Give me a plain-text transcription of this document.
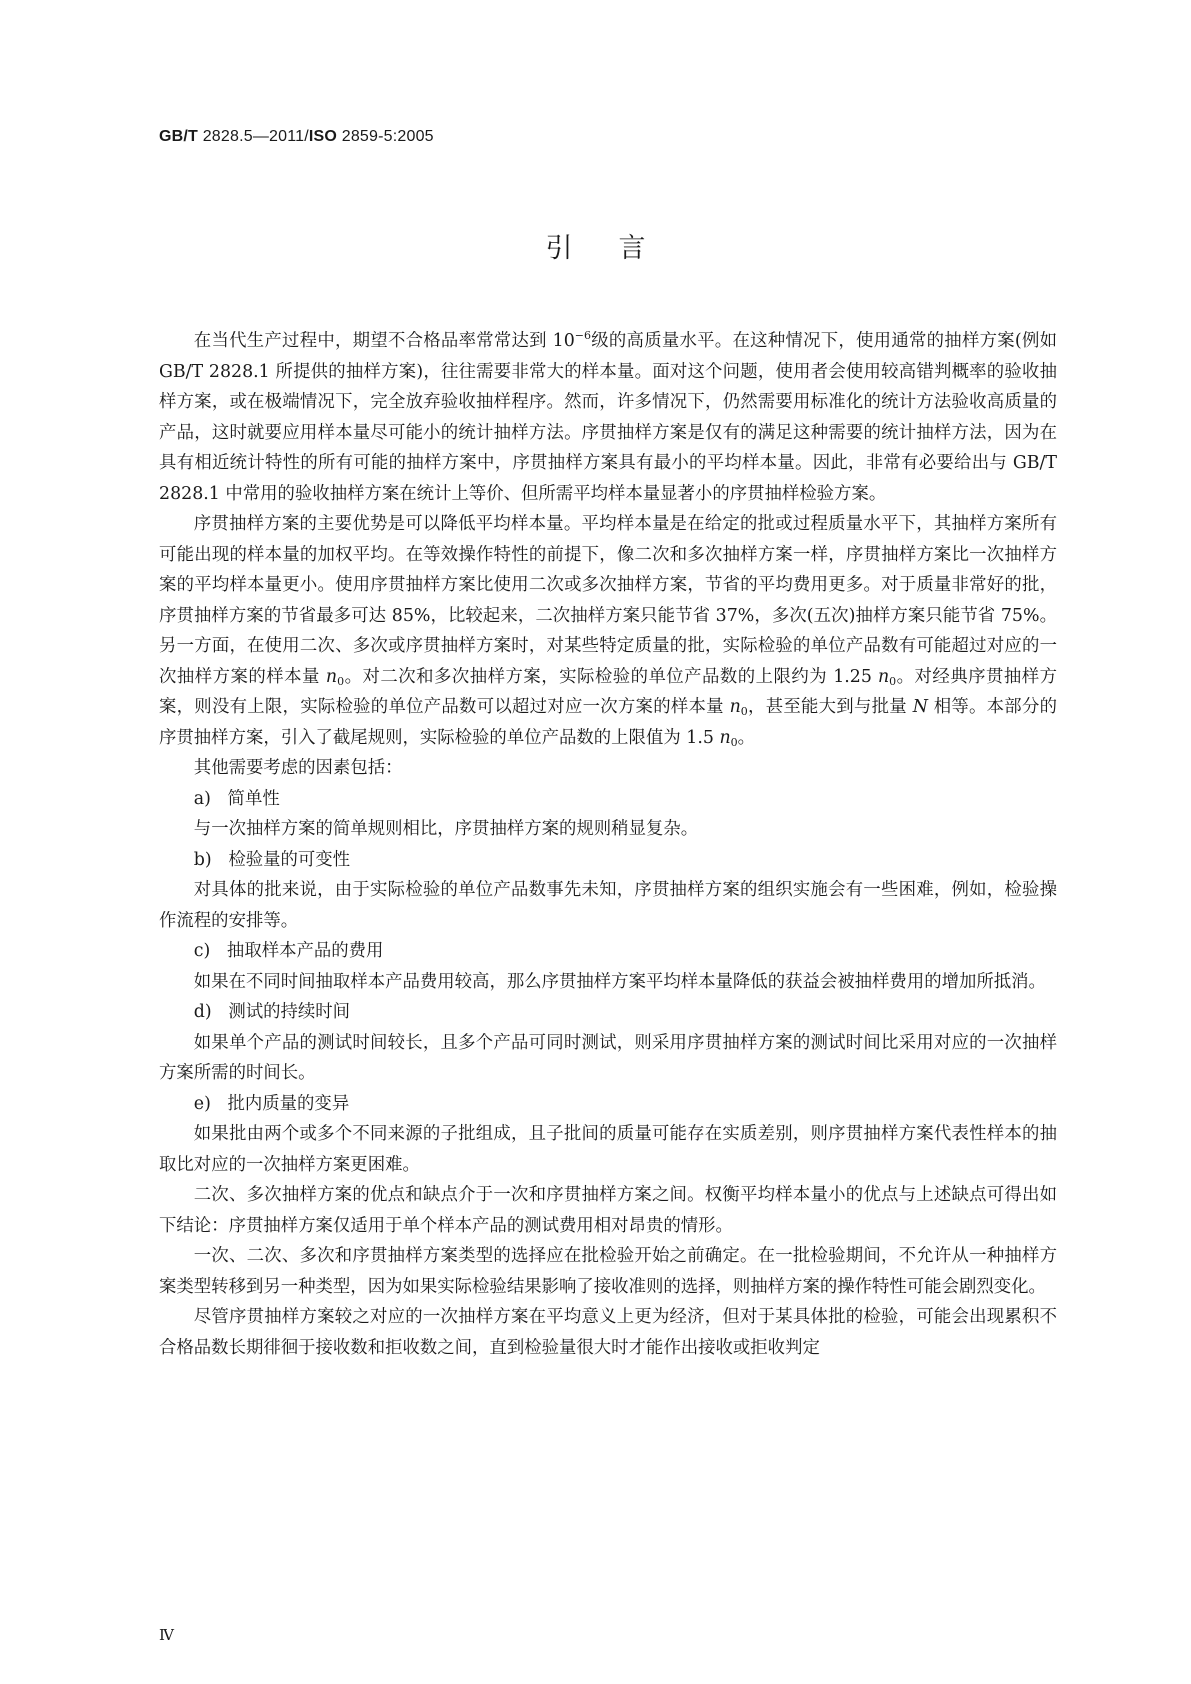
GB/T 2828.5—2011/ISO 2859-5:2005
引言

在当代生产过程中，期望不合格品率常常达到 $10^{-6}$级的高质量水平。在这种情况下，使用通常的抽样方案(例如 GB/T 2828.1 所提供的抽样方案)，往往需要非常大的样本量。面对这个问题，使用者会使用较高错判概率的验收抽样方案，或在极端情况下，完全放弃验收抽样程序。然而，许多情况下，仍然需要用标准化的统计方法验收高质量的产品，这时就要应用样本量尽可能小的统计抽样方法。序贯抽样方案是仅有的满足这种需要的统计抽样方法，因为在具有相近统计特性的所有可能的抽样方案中，序贯抽样方案具有最小的平均样本量。因此，非常有必要给出与 GB/T 2828.1 中常用的验收抽样方案在统计上等价、但所需平均样本量显著小的序贯抽样检验方案。

序贯抽样方案的主要优势是可以降低平均样本量。平均样本量是在给定的批或过程质量水平下，其抽样方案所有可能出现的样本量的加权平均。在等效操作特性的前提下，像二次和多次抽样方案一样，序贯抽样方案比一次抽样方案的平均样本量更小。使用序贯抽样方案比使用二次或多次抽样方案，节省的平均费用更多。对于质量非常好的批，序贯抽样方案的节省最多可达 85%，比较起来，二次抽样方案只能节省 37%，多次(五次)抽样方案只能节省 75%。另一方面，在使用二次、多次或序贯抽样方案时，对某些特定质量的批，实际检验的单位产品数有可能超过对应的一次抽样方案的样本量 $n_0$。对二次和多次抽样方案，实际检验的单位产品数的上限约为 1.25 $n_0$。对经典序贯抽样方案，则没有上限，实际检验的单位产品数可以超过对应一次方案的样本量 $n_0$，甚至能大到与批量 N 相等。本部分的序贯抽样方案，引入了截尾规则，实际检验的单位产品数的上限值为 1.5 $n_0$。

其他需要考虑的因素包括：

a) 简单性

与一次抽样方案的简单规则相比，序贯抽样方案的规则稍显复杂。

b) 检验量的可变性

对具体的批来说，由于实际检验的单位产品数事先未知，序贯抽样方案的组织实施会有一些困难，例如，检验操作流程的安排等。

c) 抽取样本产品的费用

如果在不同时间抽取样本产品费用较高，那么序贯抽样方案平均样本量降低的获益会被抽样费用的增加所抵消。

d) 测试的持续时间

如果单个产品的测试时间较长，且多个产品可同时测试，则采用序贯抽样方案的测试时间比采用对应的一次抽样方案所需的时间长。

e) 批内质量的变异

如果批由两个或多个不同来源的子批组成，且子批间的质量可能存在实质差别，则序贯抽样方案代表性样本的抽取比对应的一次抽样方案更困难。

二次、多次抽样方案的优点和缺点介于一次和序贯抽样方案之间。权衡平均样本量小的优点与上述缺点可得出如下结论：序贯抽样方案仅适用于单个样本产品的测试费用相对昂贵的情形。

一次、二次、多次和序贯抽样方案类型的选择应在批检验开始之前确定。在一批检验期间，不允许从一种抽样方案类型转移到另一种类型，因为如果实际检验结果影响了接收准则的选择，则抽样方案的操作特性可能会剧烈变化。

尽管序贯抽样方案较之对应的一次抽样方案在平均意义上更为经济，但对于某具体批的检验，可能会出现累积不合格品数长期徘徊于接收数和拒收数之间，直到检验量很大时才能作出接收或拒收判定

Ⅳ
